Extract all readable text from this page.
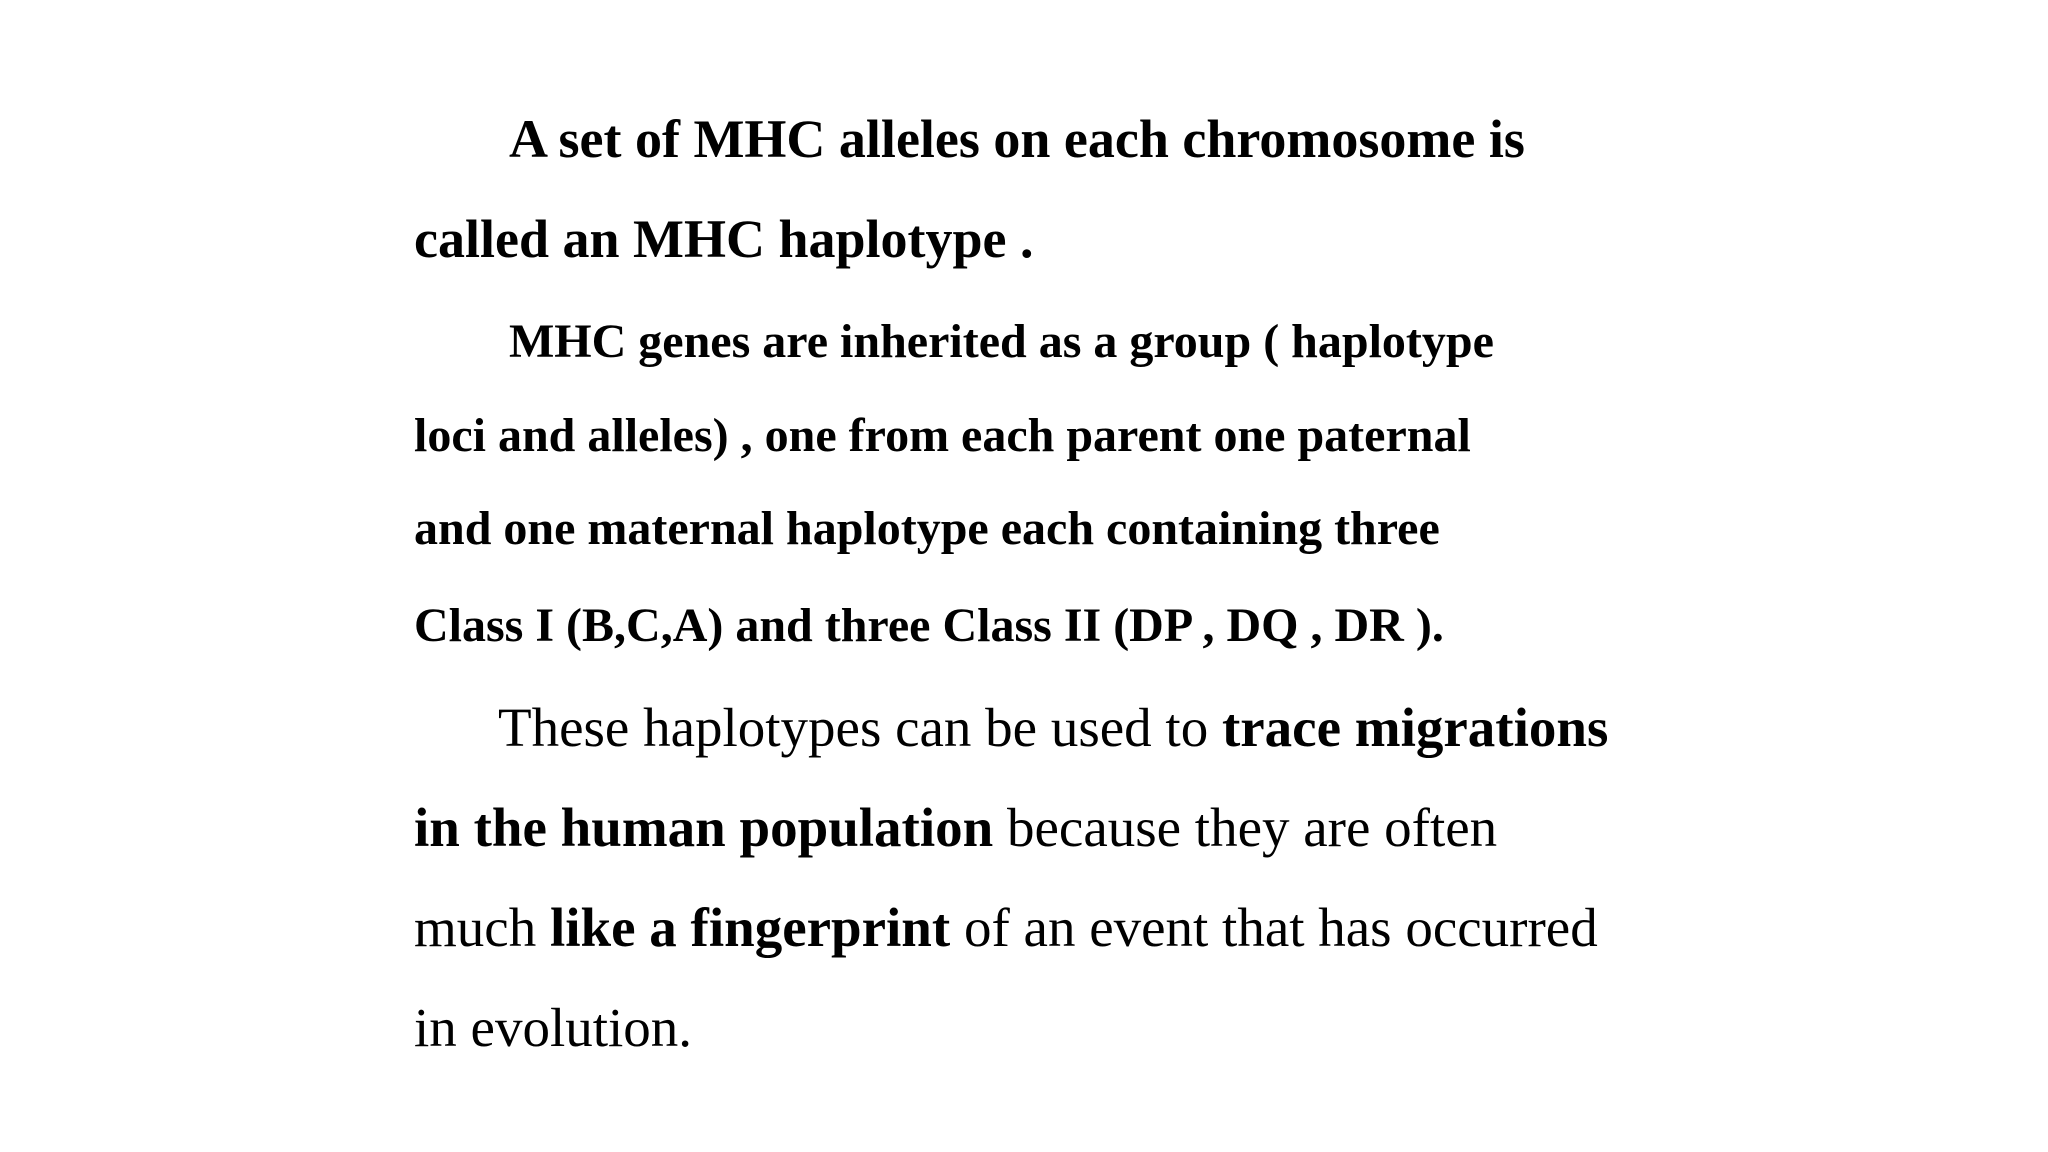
A set of MHC alleles on each chromosome is
called an MHC haplotype .
MHC genes are inherited as a group ( haplotype
loci and alleles) , one from each parent one paternal
and one maternal haplotype each containing three
Class I (B,C,A) and three Class II (DP , DQ , DR ).
These haplotypes can be used to trace migrations
in the human population because they are often
much like a fingerprint of an event that has occurred
in evolution.
